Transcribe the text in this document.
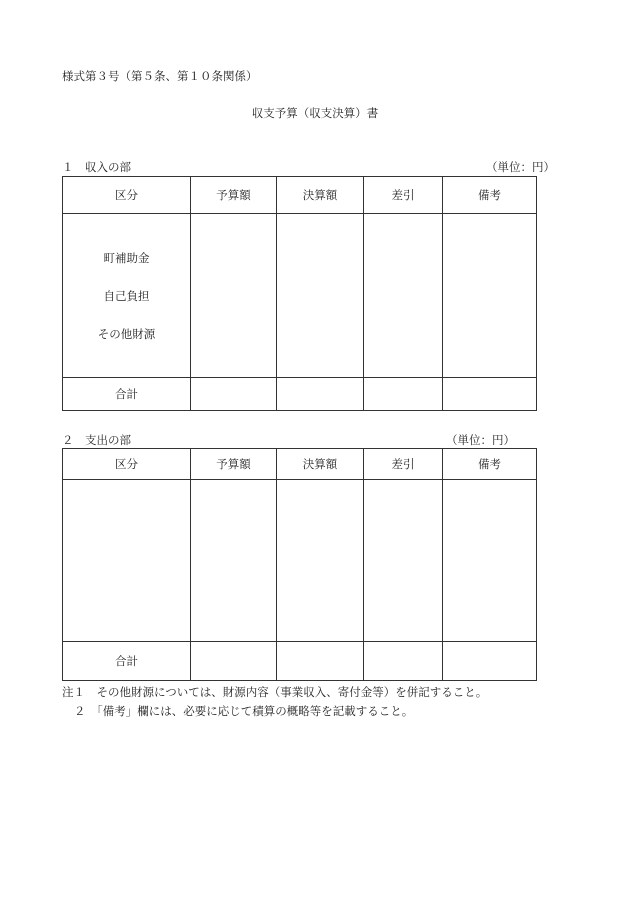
様式第３号（第５条、第１０条関係）
収支予算（収支決算）書
１　収入の部	（単位：円）
区分	予算額	決算額	差引	備考

町補助金
自己負担
その他財源				

合計				
２　支出の部	（単位：円）
区分	予算額	決算額	差引	備考

合計				
注１　その他財源については、財源内容（事業収入、寄付金等）を併記すること。
２　「備考」欄には、必要に応じて積算の概略等を記載すること。
